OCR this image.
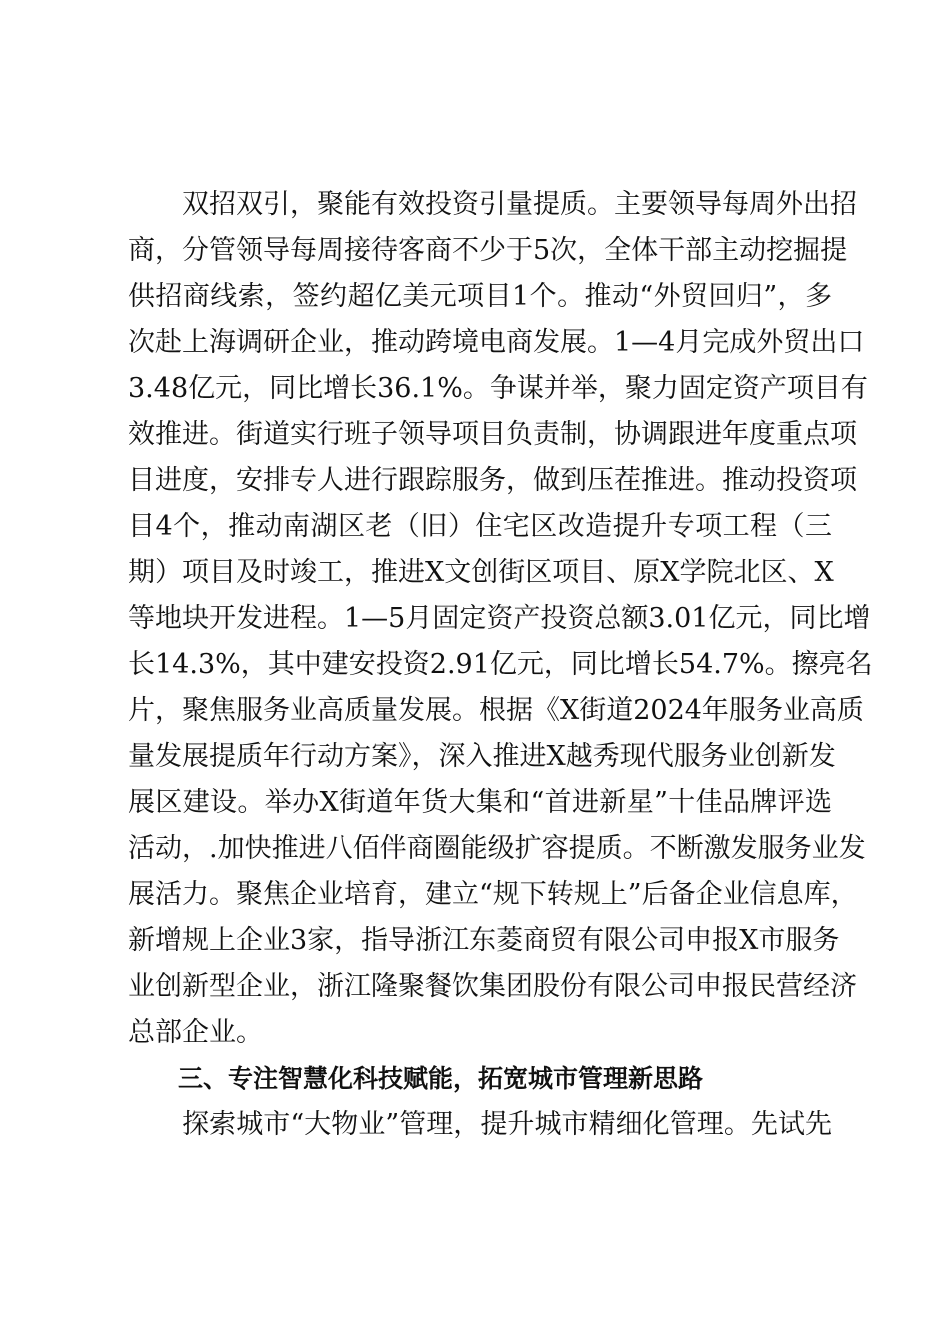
　　双招双引，聚能有效投资引量提质。主要领导每周外出招
商，分管领导每周接待客商不少于5次，全体干部主动挖掘提
供招商线索，签约超亿美元项目1个。推动“外贸回归”，多
次赴上海调研企业，推动跨境电商发展。1—4月完成外贸出口
3.48亿元，同比增长36.1%。争谋并举，聚力固定资产项目有
效推进。街道实行班子领导项目负责制，协调跟进年度重点项
目进度，安排专人进行跟踪服务，做到压茬推进。推动投资项
目4个，推动南湖区老（旧）住宅区改造提升专项工程（三
期）项目及时竣工，推进X文创街区项目、原X学院北区、X
等地块开发进程。1—5月固定资产投资总额3.01亿元，同比增
长14.3%，其中建安投资2.91亿元，同比增长54.7%。擦亮名
片，聚焦服务业高质量发展。根据《X街道2024年服务业高质
量发展提质年行动方案》，深入推进X越秀现代服务业创新发
展区建设。举办X街道年货大集和“首进新星”十佳品牌评选
活动，.加快推进八佰伴商圈能级扩容提质。不断激发服务业发
展活力。聚焦企业培育，建立“规下转规上”后备企业信息库，
新增规上企业3家，指导浙江东菱商贸有限公司申报X市服务
业创新型企业，浙江隆聚餐饮集团股份有限公司申报民营经济
总部企业。
　　三、专注智慧化科技赋能，拓宽城市管理新思路
　　探索城市“大物业”管理，提升城市精细化管理。先试先
